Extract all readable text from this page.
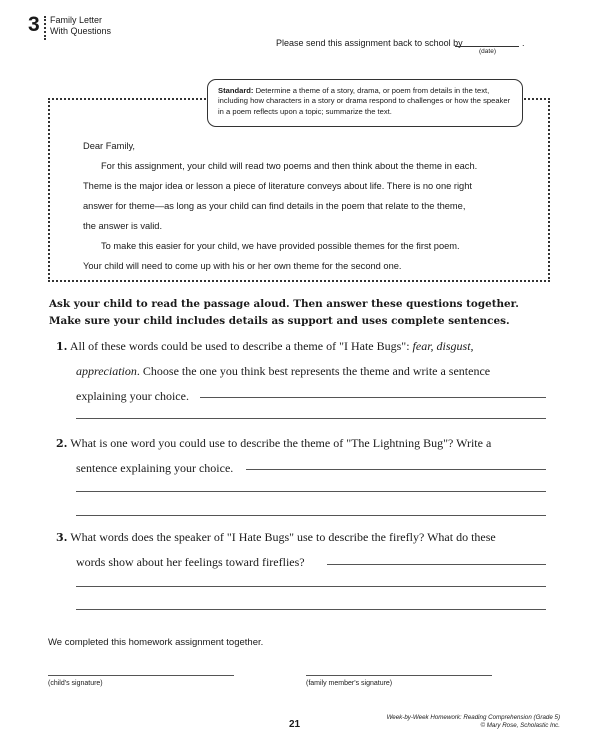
3 Family Letter
With Questions
Please send this assignment back to school by
(date)
.
Standard: Determine a theme of a story, drama, or poem from details in the text, including how characters in a story or drama respond to challenges or how the speaker in a poem reflects upon a topic; summarize the text.

Dear Family,

For this assignment, your child will read two poems and then think about the theme in each.

Theme is the major idea or lesson a piece of literature conveys about life. There is no one right

answer for theme—as long as your child can find details in the poem that relate to the theme,

the answer is valid.

To make this easier for your child, we have provided possible themes for the first poem.

Your child will need to come up with his or her own theme for the second one.

Ask your child to read the passage aloud. Then answer these questions together.
Make sure your child includes details as support and uses complete sentences.

1. All of these words could be used to describe a theme of "I Hate Bugs": fear, disgust,

appreciation. Choose the one you think best represents the theme and write a sentence

explaining your choice.

2. What is one word you could use to describe the theme of "The Lightning Bug"? Write a

sentence explaining your choice.

3. What words does the speaker of "I Hate Bugs" use to describe the firefly? What do these

words show about her feelings toward fireflies?

We completed this homework assignment together.
(child's signature)	(family member's signature)
21
Week-by-Week Homework: Reading Comprehension (Grade 5)
© Mary Rose, Scholastic Inc.
